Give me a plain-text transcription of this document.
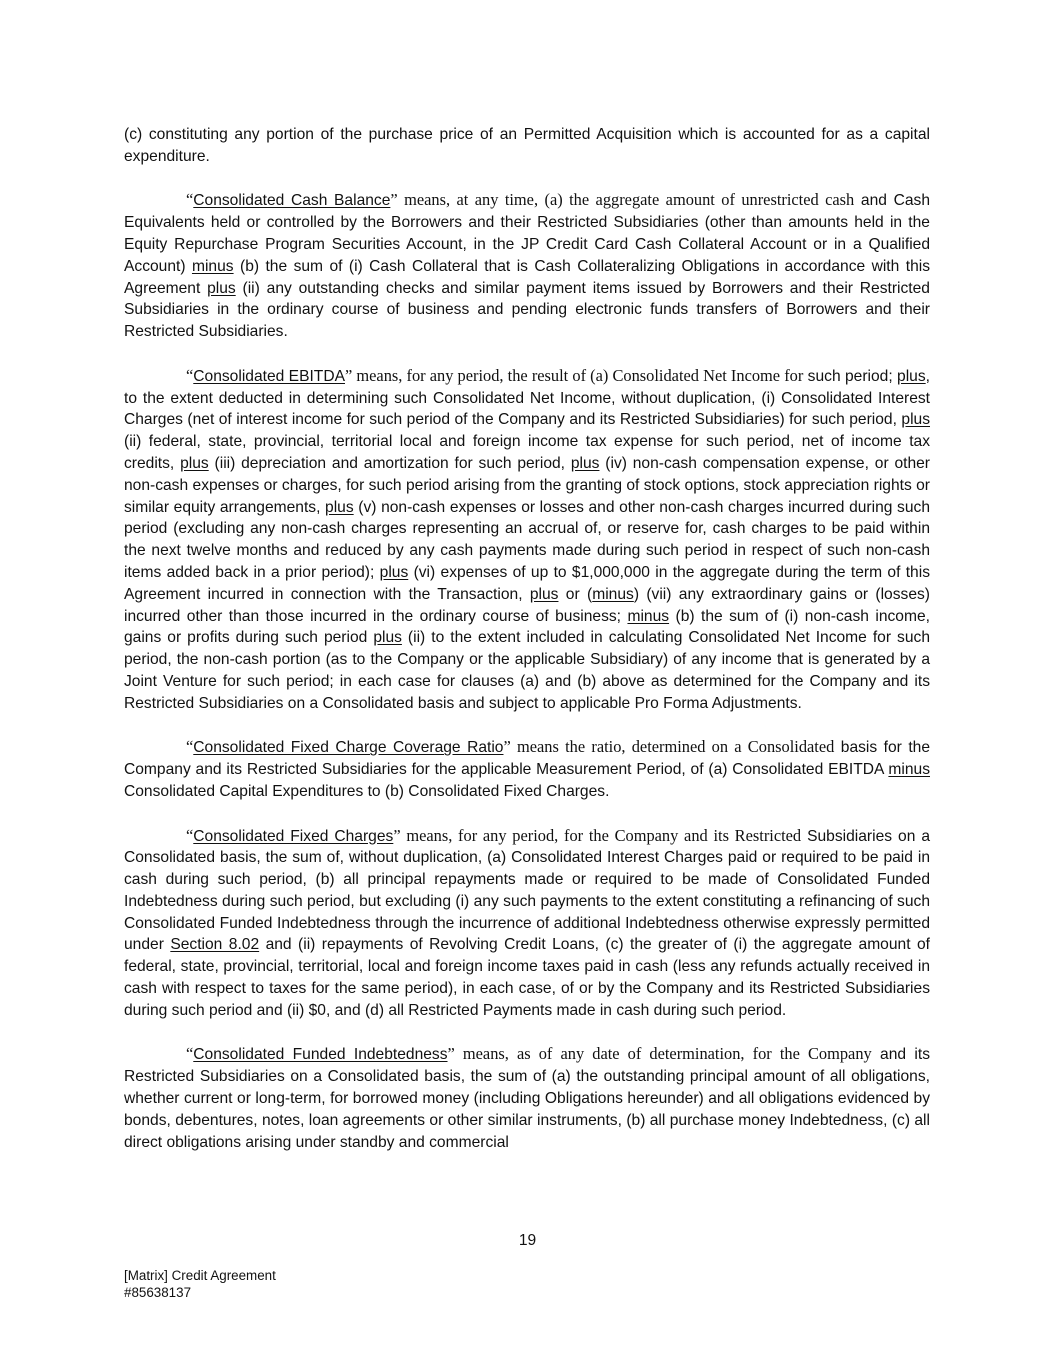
(c) constituting any portion of the purchase price of an Permitted Acquisition which is accounted for as a capital expenditure.

“Consolidated Cash Balance” means, at any time, (a) the aggregate amount of unrestricted cash and Cash Equivalents held or controlled by the Borrowers and their Restricted Subsidiaries (other than amounts held in the Equity Repurchase Program Securities Account, in the JP Credit Card Cash Collateral Account or in a Qualified Account) minus (b) the sum of (i) Cash Collateral that is Cash Collateralizing Obligations in accordance with this Agreement plus (ii) any outstanding checks and similar payment items issued by Borrowers and their Restricted Subsidiaries in the ordinary course of business and pending electronic funds transfers of Borrowers and their Restricted Subsidiaries.

“Consolidated EBITDA” means, for any period, the result of (a) Consolidated Net Income for such period; plus, to the extent deducted in determining such Consolidated Net Income, without duplication, (i) Consolidated Interest Charges (net of interest income for such period of the Company and its Restricted Subsidiaries) for such period, plus (ii) federal, state, provincial, territorial local and foreign income tax expense for such period, net of income tax credits, plus (iii) depreciation and amortization for such period, plus (iv) non-cash compensation expense, or other non-cash expenses or charges, for such period arising from the granting of stock options, stock appreciation rights or similar equity arrangements, plus (v) non-cash expenses or losses and other non-cash charges incurred during such period (excluding any non-cash charges representing an accrual of, or reserve for, cash charges to be paid within the next twelve months and reduced by any cash payments made during such period in respect of such non-cash items added back in a prior period); plus (vi) expenses of up to $1,000,000 in the aggregate during the term of this Agreement incurred in connection with the Transaction, plus or (minus) (vii) any extraordinary gains or (losses) incurred other than those incurred in the ordinary course of business; minus (b) the sum of (i) non-cash income, gains or profits during such period plus (ii) to the extent included in calculating Consolidated Net Income for such period, the non-cash portion (as to the Company or the applicable Subsidiary) of any income that is generated by a Joint Venture for such period; in each case for clauses (a) and (b) above as determined for the Company and its Restricted Subsidiaries on a Consolidated basis and subject to applicable Pro Forma Adjustments.

“Consolidated Fixed Charge Coverage Ratio” means the ratio, determined on a Consolidated basis for the Company and its Restricted Subsidiaries for the applicable Measurement Period, of (a) Consolidated EBITDA minus Consolidated Capital Expenditures to (b) Consolidated Fixed Charges.

“Consolidated Fixed Charges” means, for any period, for the Company and its Restricted Subsidiaries on a Consolidated basis, the sum of, without duplication, (a) Consolidated Interest Charges paid or required to be paid in cash during such period, (b) all principal repayments made or required to be made of Consolidated Funded Indebtedness during such period, but excluding (i) any such payments to the extent constituting a refinancing of such Consolidated Funded Indebtedness through the incurrence of additional Indebtedness otherwise expressly permitted under Section 8.02 and (ii) repayments of Revolving Credit Loans, (c) the greater of (i) the aggregate amount of federal, state, provincial, territorial, local and foreign income taxes paid in cash (less any refunds actually received in cash with respect to taxes for the same period), in each case, of or by the Company and its Restricted Subsidiaries during such period and (ii) $0, and (d) all Restricted Payments made in cash during such period.

“Consolidated Funded Indebtedness” means, as of any date of determination, for the Company and its Restricted Subsidiaries on a Consolidated basis, the sum of (a) the outstanding principal amount of all obligations, whether current or long-term, for borrowed money (including Obligations hereunder) and all obligations evidenced by bonds, debentures, notes, loan agreements or other similar instruments, (b) all purchase money Indebtedness, (c) all direct obligations arising under standby and commercial

19
[Matrix] Credit Agreement
#85638137
